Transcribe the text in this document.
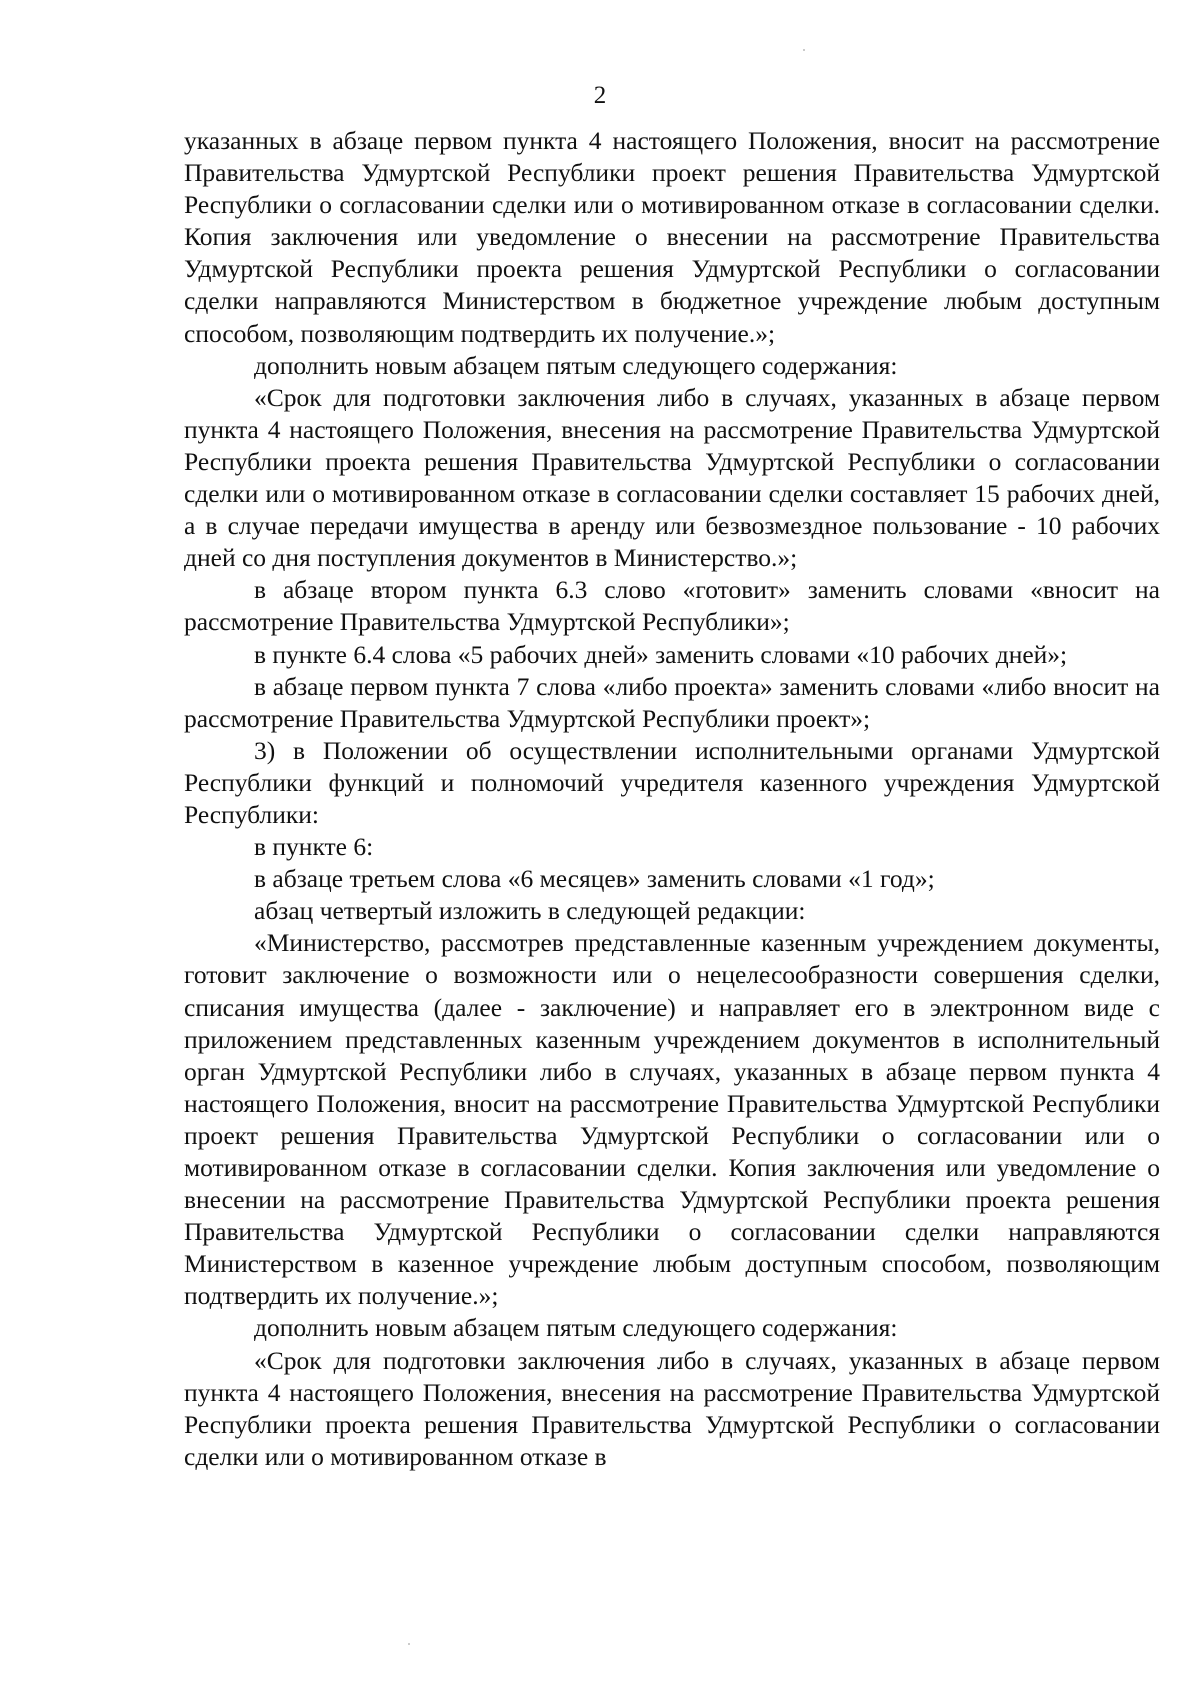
2

указанных в абзаце первом пункта 4 настоящего Положения, вносит на рассмотрение Правительства Удмуртской Республики проект решения Правительства Удмуртской Республики о согласовании сделки или о мотивированном отказе в согласовании сделки. Копия заключения или уведомление о внесении на рассмотрение Правительства Удмуртской Республики проекта решения Удмуртской Республики о согласовании сделки направляются Министерством в бюджетное учреждение любым доступным способом, позволяющим подтвердить их получение.»;

дополнить новым абзацем пятым следующего содержания:

«Срок для подготовки заключения либо в случаях, указанных в абзаце первом пункта 4 настоящего Положения, внесения на рассмотрение Правительства Удмуртской Республики проекта решения Правительства Удмуртской Республики о согласовании сделки или о мотивированном отказе в согласовании сделки составляет 15 рабочих дней, а в случае передачи имущества в аренду или безвозмездное пользование - 10 рабочих дней со дня поступления документов в Министерство.»;

в абзаце втором пункта 6.3 слово «готовит» заменить словами «вносит на рассмотрение Правительства Удмуртской Республики»;

в пункте 6.4 слова «5 рабочих дней» заменить словами «10 рабочих дней»;

в абзаце первом пункта 7 слова «либо проекта» заменить словами «либо вносит на рассмотрение Правительства Удмуртской Республики проект»;

3) в Положении об осуществлении исполнительными органами Удмуртской Республики функций и полномочий учредителя казенного учреждения Удмуртской Республики:

в пункте 6:

в абзаце третьем слова «6 месяцев» заменить словами «1 год»;

абзац четвертый изложить в следующей редакции:

«Министерство, рассмотрев представленные казенным учреждением документы, готовит заключение о возможности или о нецелесообразности совершения сделки, списания имущества (далее - заключение) и направляет его в электронном виде с приложением представленных казенным учреждением документов в исполнительный орган Удмуртской Республики либо в случаях, указанных в абзаце первом пункта 4 настоящего Положения, вносит на рассмотрение Правительства Удмуртской Республики проект решения Правительства Удмуртской Республики о согласовании или о мотивированном отказе в согласовании сделки. Копия заключения или уведомление о внесении на рассмотрение Правительства Удмуртской Республики проекта решения Правительства Удмуртской Республики о согласовании сделки направляются Министерством в казенное учреждение любым доступным способом, позволяющим подтвердить их получение.»;

дополнить новым абзацем пятым следующего содержания:

«Срок для подготовки заключения либо в случаях, указанных в абзаце первом пункта 4 настоящего Положения, внесения на рассмотрение Правительства Удмуртской Республики проекта решения Правительства Удмуртской Республики о согласовании сделки или о мотивированном отказе в
